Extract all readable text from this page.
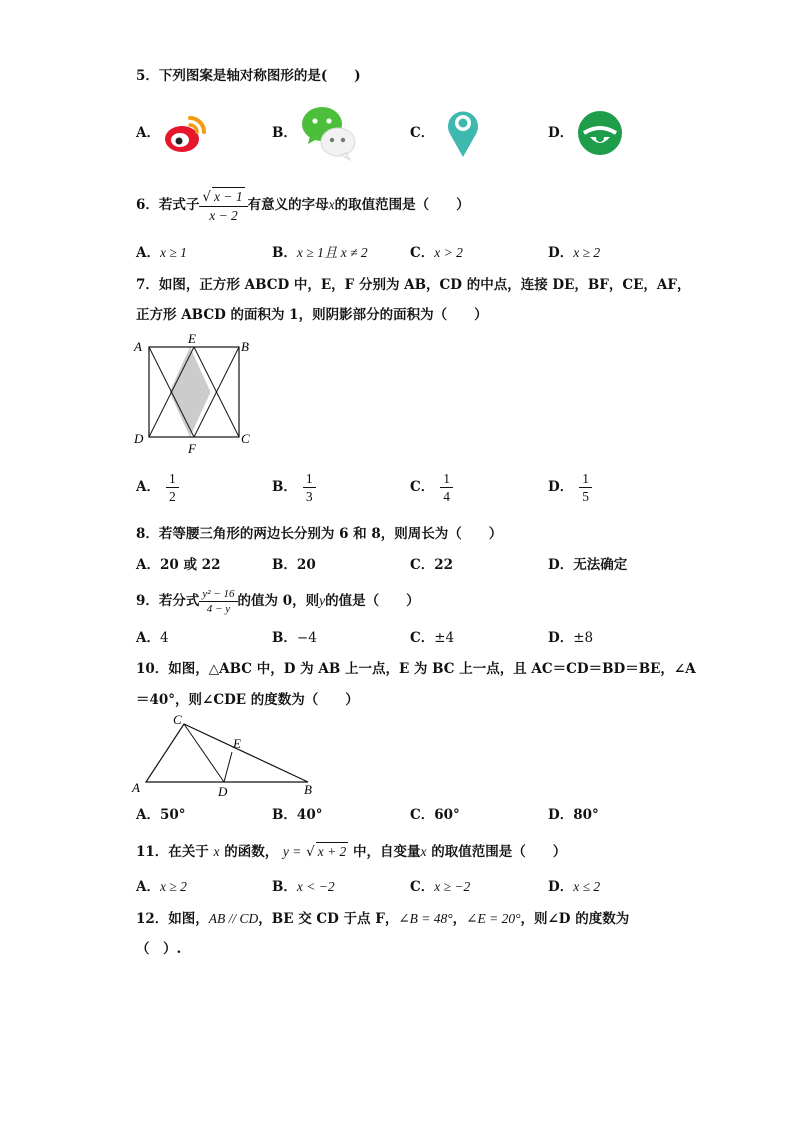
5．下列图案是轴对称图形的是(　　)
A．	B．	C．	D．
6．若式子 $\frac{√ x - 1}{x - 2}$ 有意义的字母x的取值范围是（　　）
A．x ≥ 1	B．x ≥ 1且 x ≠ 2	C．x > 2	D．x ≥ 2
7．如图，正方形 ABCD 中，E，F 分别为 AB，CD 的中点，连接 DE，BF，CE，AF，
正方形 ABCD 的面积为 1，则阴影部分的面积为（　　）
A	B
C
D
E
F
A． $\frac{1}{2}$	B． $\frac{1}{3}$	C． $\frac{1}{4}$	D． $\frac{1}{5}$
8．若等腰三角形的两边长分别为 6 和 8，则周长为（　　）
A．20 或 22	B．20	C．22	D．无法确定
9．若分式 $\frac{\text{y² − 16}}{4 - y}$ 的值为 0，则y的值是（　　）
A．4	B．−4	C．±4	D．±8
10．如图，△ABC 中，D 为 AB 上一点，E 为 BC 上一点，且 AC＝CD＝BD＝BE，∠A
＝40°，则∠CDE 的度数为（　　）
A
C
B
D
E
A．50°	B．40°	C．60°	D．80°
11．在关于 x 的函数， y = √ x + 2 中，自变量x 的取值范围是（　　）
A．x ≥ 2	B．x < −2	C．x ≥ −2	D．x ≤ 2
12．如图，AB // CD，BE 交 CD 于点 F，∠B = 48°，∠E = 20°，则∠D 的度数为
（　）.
